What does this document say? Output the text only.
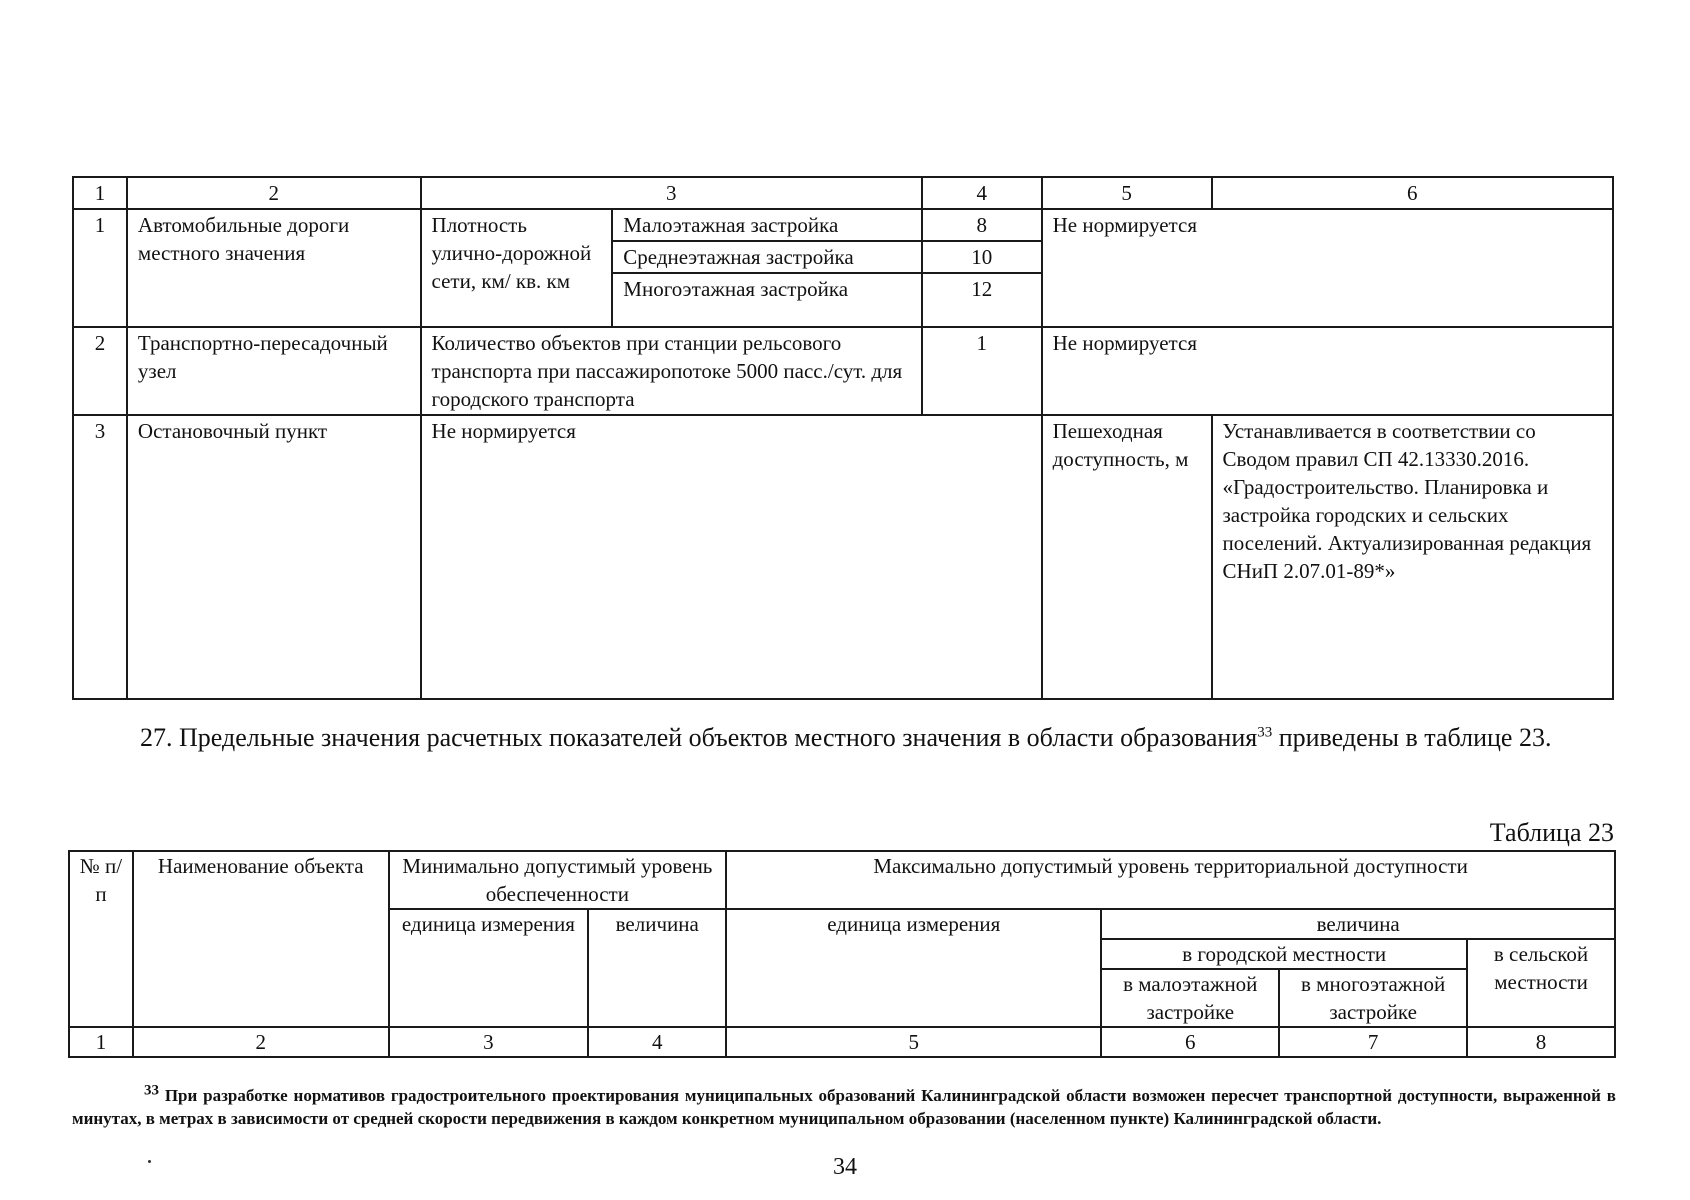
1	2	3		4	5	6
1	Автомобильные дороги местного значения	Плотность улично-дорожной сети, км/ кв. км	Малоэтажная застройка	8	Не нормируется	
			Среднеэтажная застройка	10		
			Многоэтажная застройка	12		
2	Транспортно-пересадочный узел	Количество объектов при станции рельсового транспорта при пассажиропотоке 5000 пасс./сут. для городского транспорта		1	Не нормируется	
3	Остановочный пункт	Не нормируется			Пешеходная доступность, м	Устанавливается в соответствии со Сводом правил СП 42.13330.2016. «Градостроительство. Планировка и застройка городских и сельских поселений. Актуализированная редакция СНиП 2.07.01-89*»
27. Предельные значения расчетных показателей объектов местного значения в области образования$^{33}$ приведены в таблице 23.
Таблица 23
№ п/п	Наименование объекта	Минимально допустимый уровень обеспеченности		Максимально допустимый уровень территориальной доступности			
		единица измерения	величина	единица измерения	величина		
					в городской местности		в сельской местности
					в малоэтажной застройке	в многоэтажной застройке	
1	2	3	4	5	6	7	8
$^{33}$ При разработке нормативов градостроительного проектирования муниципальных образований Калининградской области возможен пересчет транспортной доступности, выраженной в минутах, в метрах в зависимости от средней скорости передвижения в каждом конкретном муниципальном образовании (населенном пункте) Калининградской области.
34
